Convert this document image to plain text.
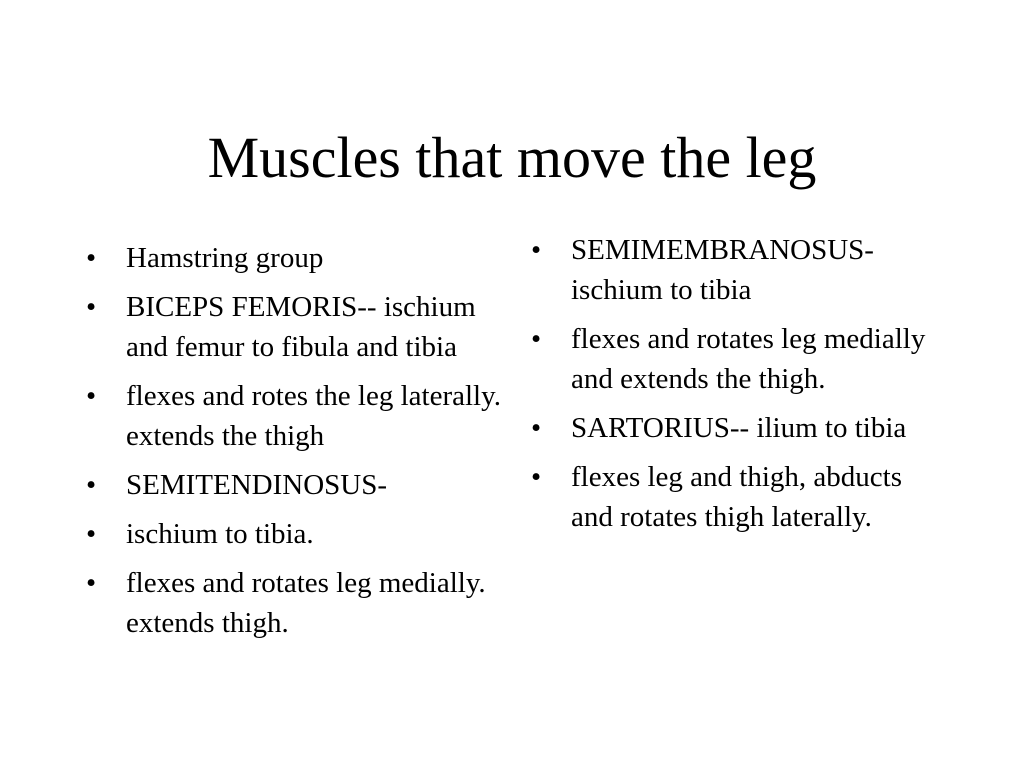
Muscles that move the leg
•	Hamstring group
•	BICEPS FEMORIS-- ischium and femur to fibula and tibia
•	flexes and rotes the leg laterally. extends the thigh
•	SEMITENDINOSUS-
•	ischium to tibia.
•	flexes and rotates leg medially. extends thigh.
•	SEMIMEMBRANOSUS- ischium to tibia
•	flexes and rotates leg medially and extends the thigh.
•	SARTORIUS-- ilium to tibia
•	flexes leg and thigh, abducts and rotates thigh laterally.
